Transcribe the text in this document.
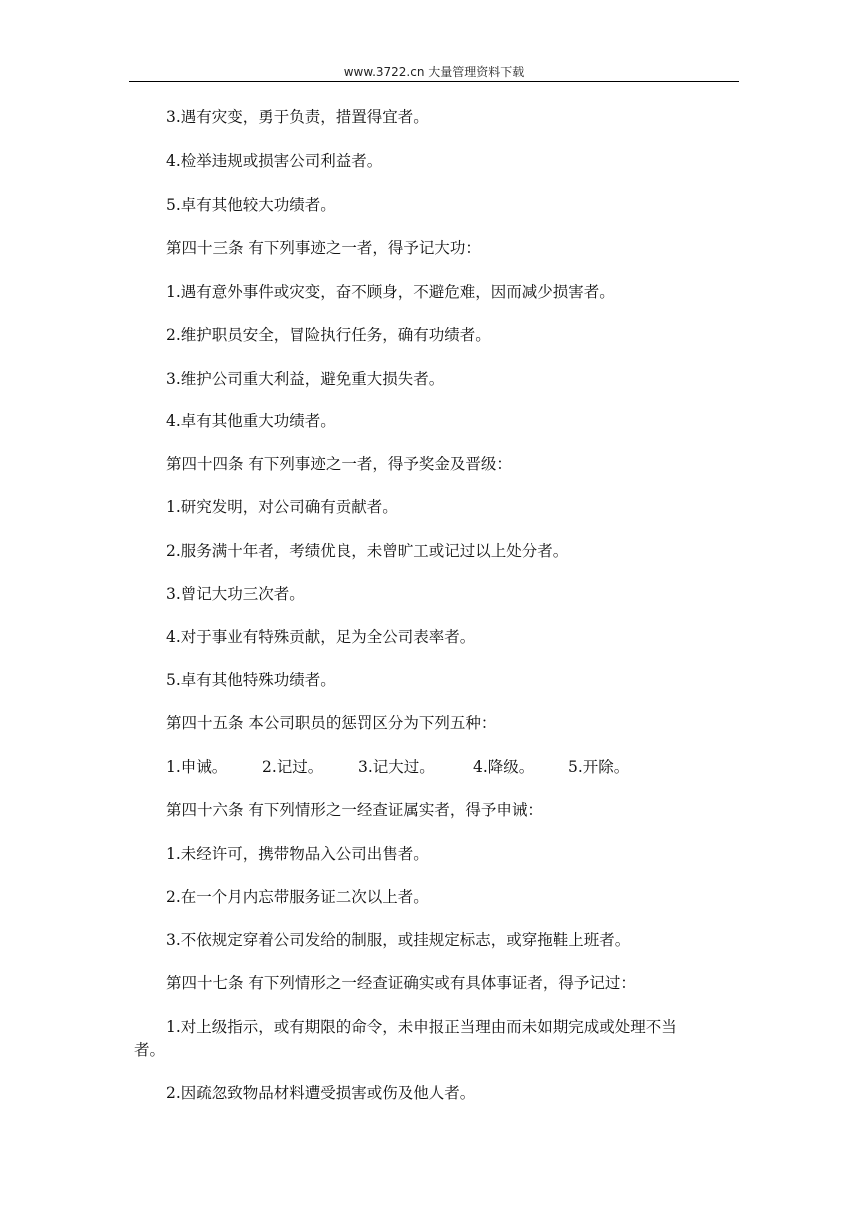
www.3722.cn 大量管理资料下载
3.遇有灾变，勇于负责，措置得宜者。
4.检举违规或损害公司利益者。
5.卓有其他较大功绩者。
第四十三条 有下列事迹之一者，得予记大功：
1.遇有意外事件或灾变，奋不顾身，不避危难，因而减少损害者。
2.维护职员安全，冒险执行任务，确有功绩者。
3.维护公司重大利益，避免重大损失者。
4.卓有其他重大功绩者。
第四十四条 有下列事迹之一者，得予奖金及晋级：
1.研究发明，对公司确有贡献者。
2.服务满十年者，考绩优良，未曾旷工或记过以上处分者。
3.曾记大功三次者。
4.对于事业有特殊贡献，足为全公司表率者。
5.卓有其他特殊功绩者。
第四十五条 本公司职员的惩罚区分为下列五种：
1.申诫。 2.记过。 3.记大过。 4.降级。 5.开除。
第四十六条 有下列情形之一经查证属实者，得予申诫：
1.未经许可，携带物品入公司出售者。
2.在一个月内忘带服务证二次以上者。
3.不依规定穿着公司发给的制服，或挂规定标志，或穿拖鞋上班者。
第四十七条 有下列情形之一经查证确实或有具体事证者，得予记过：
1.对上级指示，或有期限的命令，未申报正当理由而未如期完成或处理不当
者。
2.因疏忽致物品材料遭受损害或伤及他人者。
